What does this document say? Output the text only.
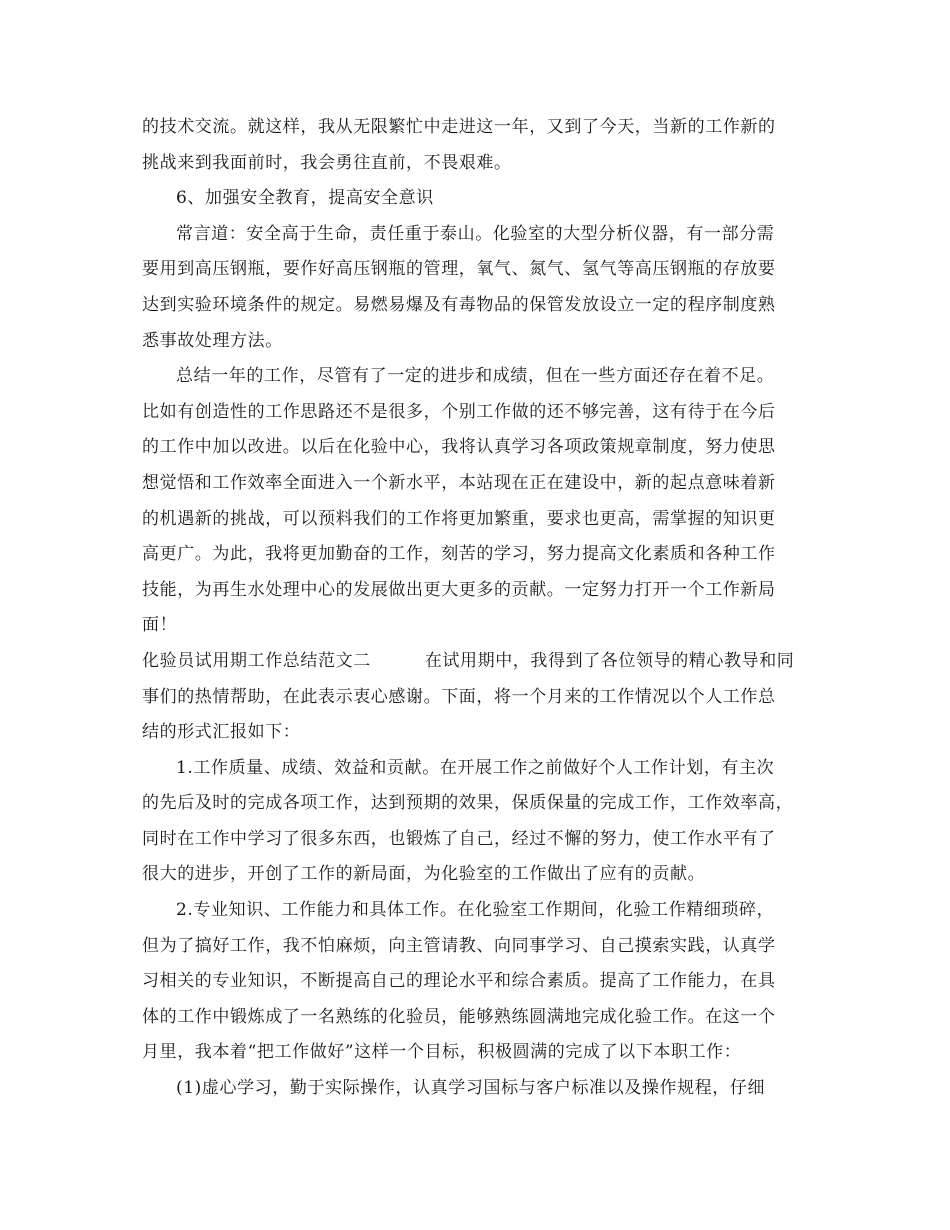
的技术交流。就这样，我从无限繁忙中走进这一年，又到了今天，当新的工作新的
挑战来到我面前时，我会勇往直前，不畏艰难。
6、加强安全教育，提高安全意识
常言道：安全高于生命，责任重于泰山。化验室的大型分析仪器，有一部分需
要用到高压钢瓶，要作好高压钢瓶的管理，氧气、氮气、氢气等高压钢瓶的存放要
达到实验环境条件的规定。易燃易爆及有毒物品的保管发放设立一定的程序制度熟
悉事故处理方法。
总结一年的工作，尽管有了一定的进步和成绩，但在一些方面还存在着不足。
比如有创造性的工作思路还不是很多，个别工作做的还不够完善，这有待于在今后
的工作中加以改进。以后在化验中心，我将认真学习各项政策规章制度，努力使思
想觉悟和工作效率全面进入一个新水平，本站现在正在建设中，新的起点意味着新
的机遇新的挑战，可以预料我们的工作将更加繁重，要求也更高，需掌握的知识更
高更广。为此，我将更加勤奋的工作，刻苦的学习，努力提高文化素质和各种工作
技能，为再生水处理中心的发展做出更大更多的贡献。一定努力打开一个工作新局
面！
化验员试用期工作总结范文二	在试用期中，我得到了各位领导的精心教导和同
事们的热情帮助，在此表示衷心感谢。下面，将一个月来的工作情况以个人工作总
结的形式汇报如下：
1.工作质量、成绩、效益和贡献。在开展工作之前做好个人工作计划，有主次
的先后及时的完成各项工作，达到预期的效果，保质保量的完成工作，工作效率高，
同时在工作中学习了很多东西，也锻炼了自己，经过不懈的努力，使工作水平有了
很大的进步，开创了工作的新局面，为化验室的工作做出了应有的贡献。
2.专业知识、工作能力和具体工作。在化验室工作期间，化验工作精细琐碎，
但为了搞好工作，我不怕麻烦，向主管请教、向同事学习、自己摸索实践，认真学
习相关的专业知识，不断提高自己的理论水平和综合素质。提高了工作能力，在具
体的工作中锻炼成了一名熟练的化验员，能够熟练圆满地完成化验工作。在这一个
月里，我本着“把工作做好”这样一个目标，积极圆满的完成了以下本职工作：
(1)虚心学习，勤于实际操作，认真学习国标与客户标准以及操作规程，仔细
